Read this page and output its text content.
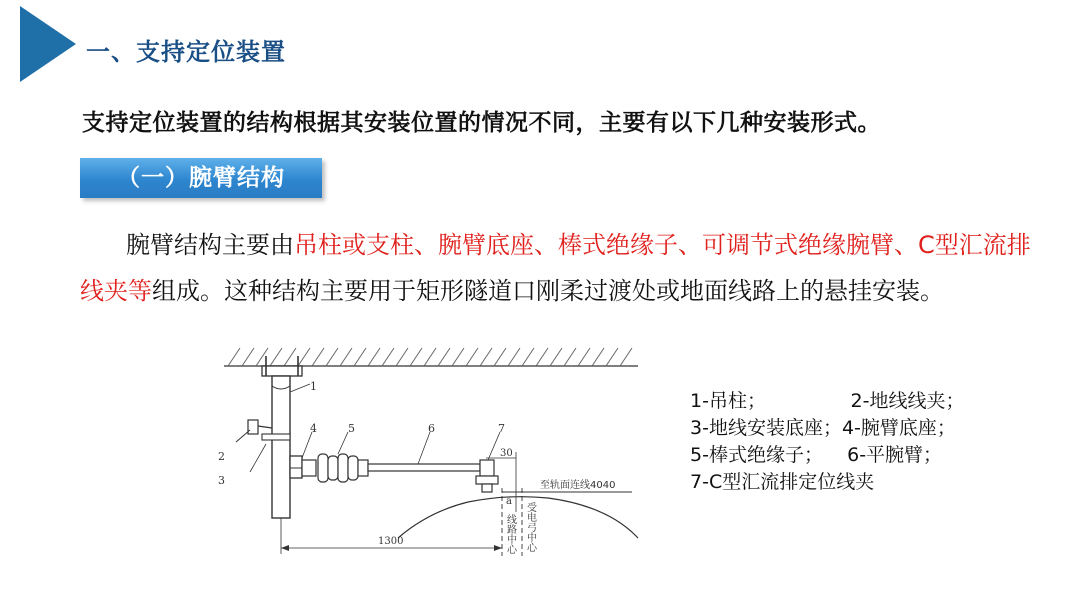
一、支持定位装置
支持定位装置的结构根据其安装位置的情况不同，主要有以下几种安装形式。
（一）腕臂结构
腕臂结构主要由吊柱或支柱、腕臂底座、棒式绝缘子、可调节式绝缘腕臂、C型汇流排线夹等组成。这种结构主要用于矩形隧道口刚柔过渡处或地面线路上的悬挂安装。
1
2
3
4	5	6	7
30
a
1300
至轨面连线4040
线路中心 受电弓中心
1-吊柱；              2-地线线夹；
3-地线安装底座；4-腕臂底座；
5-棒式绝缘子；    6-平腕臂；
7-C型汇流排定位线夹
